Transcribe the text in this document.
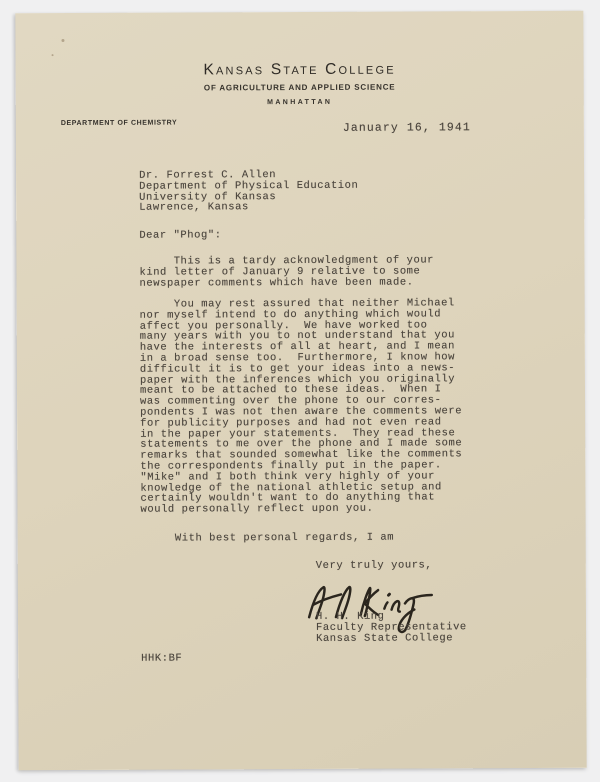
Kansas State College
OF AGRICULTURE AND APPLIED SCIENCE
MANHATTAN
DEPARTMENT OF CHEMISTRY	January 16, 1941
Dr. Forrest C. Allen
Department of Physical Education
University of Kansas
Lawrence, Kansas
Dear "Phog":
This is a tardy acknowledgment of your
kind letter of January 9 relative to some
newspaper comments which have been made.
You may rest assured that neither Michael
nor myself intend to do anything which would
affect you personally.  We have worked too
many years with you to not understand that you
have the interests of all at heart, and I mean
in a broad sense too.  Furthermore, I know how
difficult it is to get your ideas into a news-
paper with the inferences which you originally
meant to be attached to these ideas.  When I
was commenting over the phone to our corres-
pondents I was not then aware the comments were
for publicity purposes and had not even read
in the paper your statements.  They read these
statements to me over the phone and I made some
remarks that sounded somewhat like the comments
the correspondents finally put in the paper.
"Mike" and I both think very highly of your
knowledge of the national athletic setup and
certainly wouldn't want to do anything that
would personally reflect upon you.
With best personal regards, I am
Very truly yours,
H. H. King
Faculty Representative
Kansas State College
HHK:BF
